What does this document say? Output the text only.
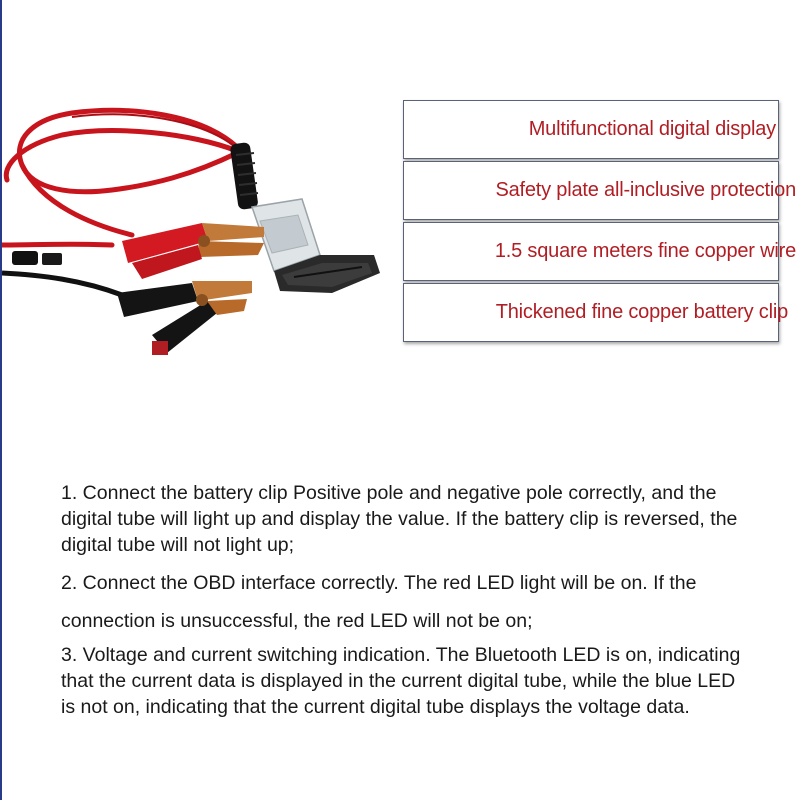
Multifunctional digital display
Safety plate all-inclusive protection
1.5 square meters fine copper wire
Thickened fine copper battery clip

1. Connect the battery clip Positive pole and negative pole correctly, and the digital tube will light up and display the value. If the battery clip is reversed, the digital tube will not light up;

2. Connect the OBD interface correctly. The red LED light will be on. If the connection is unsuccessful, the red LED will not be on;

3. Voltage and current switching indication. The Bluetooth LED is on, indicating that the current data is displayed in the current digital tube, while the blue LED is not on, indicating that the current digital tube displays the voltage data.
